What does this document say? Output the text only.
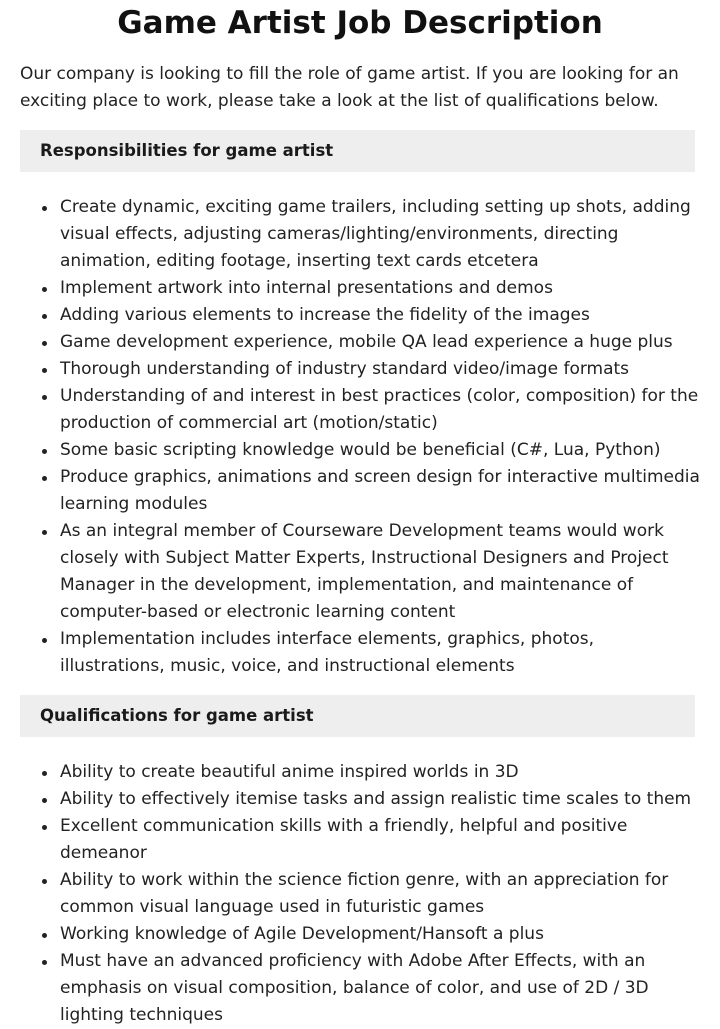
Game Artist Job Description

Our company is looking to fill the role of game artist. If you are looking for an exciting place to work, please take a look at the list of qualifications below.

Responsibilities for game artist
Create dynamic, exciting game trailers, including setting up shots, adding visual effects, adjusting cameras/lighting/environments, directing animation, editing footage, inserting text cards etcetera
Implement artwork into internal presentations and demos
Adding various elements to increase the fidelity of the images
Game development experience, mobile QA lead experience a huge plus
Thorough understanding of industry standard video/image formats
Understanding of and interest in best practices (color, composition) for the production of commercial art (motion/static)
Some basic scripting knowledge would be beneficial (C#, Lua, Python)
Produce graphics, animations and screen design for interactive multimedia learning modules
As an integral member of Courseware Development teams would work closely with Subject Matter Experts, Instructional Designers and Project Manager in the development, implementation, and maintenance of computer-based or electronic learning content
Implementation includes interface elements, graphics, photos, illustrations, music, voice, and instructional elements
Qualifications for game artist
Ability to create beautiful anime inspired worlds in 3D
Ability to effectively itemise tasks and assign realistic time scales to them
Excellent communication skills with a friendly, helpful and positive demeanor
Ability to work within the science fiction genre, with an appreciation for common visual language used in futuristic games
Working knowledge of Agile Development/Hansoft a plus
Must have an advanced proficiency with Adobe After Effects, with an emphasis on visual composition, balance of color, and use of 2D / 3D lighting techniques
